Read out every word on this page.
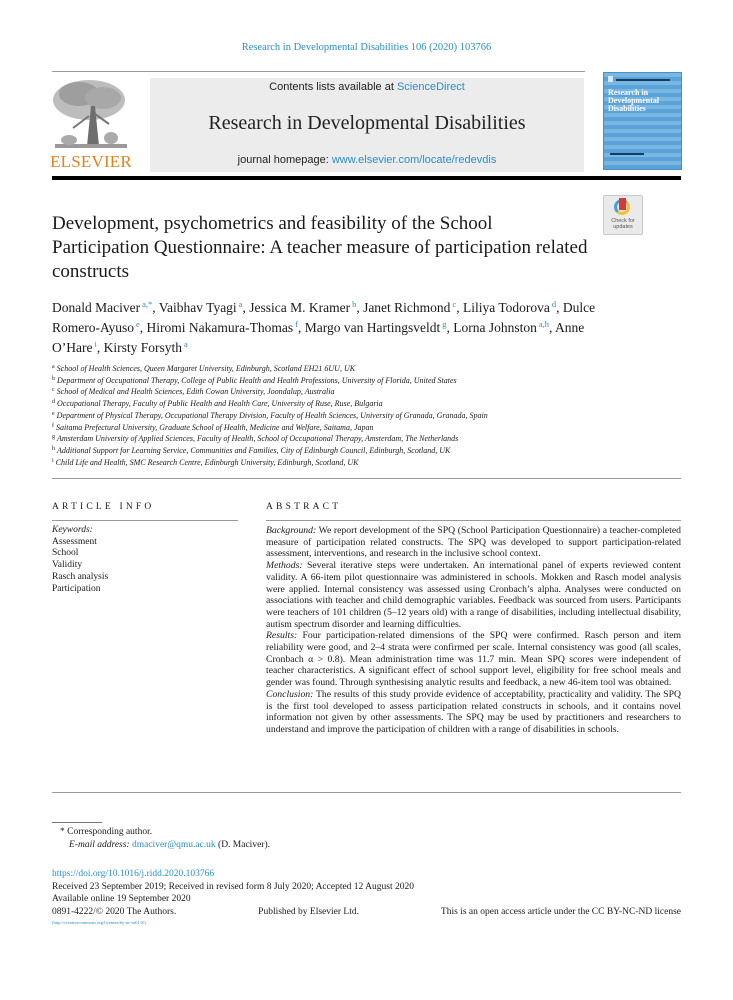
Research in Developmental Disabilities 106 (2020) 103766
ELSEVIER
Contents lists available at ScienceDirect
Research in Developmental Disabilities
journal homepage: www.elsevier.com/locate/redevdis
Research in Developmental Disabilities
Check for
updates
Development, psychometrics and feasibility of the School Participation Questionnaire: A teacher measure of participation related constructs
Donald Maciver $^{a,*}$, Vaibhav Tyagi $^a$, Jessica M. Kramer $^b$, Janet Richmond $^c$, Liliya Todorova $^d$, Dulce Romero-Ayuso $^e$, Hiromi Nakamura-Thomas $^f$, Margo van Hartingsveldt $^g$, Lorna Johnston $^{a,h}$, Anne O’Hare $^i$, Kirsty Forsyth $^a$
$^a$ School of Health Sciences, Queen Margaret University, Edinburgh, Scotland EH21 6UU, UK
$^b$ Department of Occupational Therapy, College of Public Health and Health Professions, University of Florida, United States
$^c$ School of Medical and Health Sciences, Edith Cowan University, Joondalup, Australia
$^d$ Occupational Therapy, Faculty of Public Health and Health Care, University of Ruse, Ruse, Bulgaria
$^e$ Department of Physical Therapy, Occupational Therapy Division, Faculty of Health Sciences, University of Granada, Granada, Spain
$^f$ Saitama Prefectural University, Graduate School of Health, Medicine and Welfare, Saitama, Japan
$^g$ Amsterdam University of Applied Sciences, Faculty of Health, School of Occupational Therapy, Amsterdam, The Netherlands
$^h$ Additional Support for Learning Service, Communities and Families, City of Edinburgh Council, Edinburgh, Scotland, UK
$^i$ Child Life and Health, SMC Research Centre, Edinburgh University, Edinburgh, Scotland, UK
ARTICLE INFO
Keywords:
Assessment
School
Validity
Rasch analysis
Participation
ABSTRACT

Background: We report development of the SPQ (School Participation Questionnaire) a teacher-completed measure of participation related constructs. The SPQ was developed to support participation-related assessment, interventions, and research in the inclusive school context.

Methods: Several iterative steps were undertaken. An international panel of experts reviewed content validity. A 66-item pilot questionnaire was administered in schools. Mokken and Rasch model analysis were applied. Internal consistency was assessed using Cronbach’s alpha. Analyses were conducted on associations with teacher and child demographic variables. Feedback was sourced from users. Participants were teachers of 101 children (5–12 years old) with a range of disabilities, including intellectual disability, autism spectrum disorder and learning difficulties.

Results: Four participation-related dimensions of the SPQ were confirmed. Rasch person and item reliability were good, and 2–4 strata were confirmed per scale. Internal consistency was good (all scales, Cronbach α > 0.8). Mean administration time was 11.7 min. Mean SPQ scores were independent of teacher characteristics. A significant effect of school support level, eligibility for free school meals and gender was found. Through synthesising analytic results and feedback, a new 46-item tool was obtained.

Conclusion: The results of this study provide evidence of acceptability, practicality and validity. The SPQ is the first tool developed to assess participation related constructs in schools, and it contains novel information not given by other assessments. The SPQ may be used by practitioners and researchers to understand and improve the participation of children with a range of disabilities in schools.

* Corresponding author.
E-mail address: dmaciver@qmu.ac.uk (D. Maciver).
https://doi.org/10.1016/j.ridd.2020.103766
Received 23 September 2019; Received in revised form 8 July 2020; Accepted 12 August 2020
Available online 19 September 2020
0891-4222/© 2020 The Authors.	Published by Elsevier Ltd.	This is an open access article under the CC BY-NC-ND license
(http://creativecommons.org/licenses/by-nc-nd/4.0/).
